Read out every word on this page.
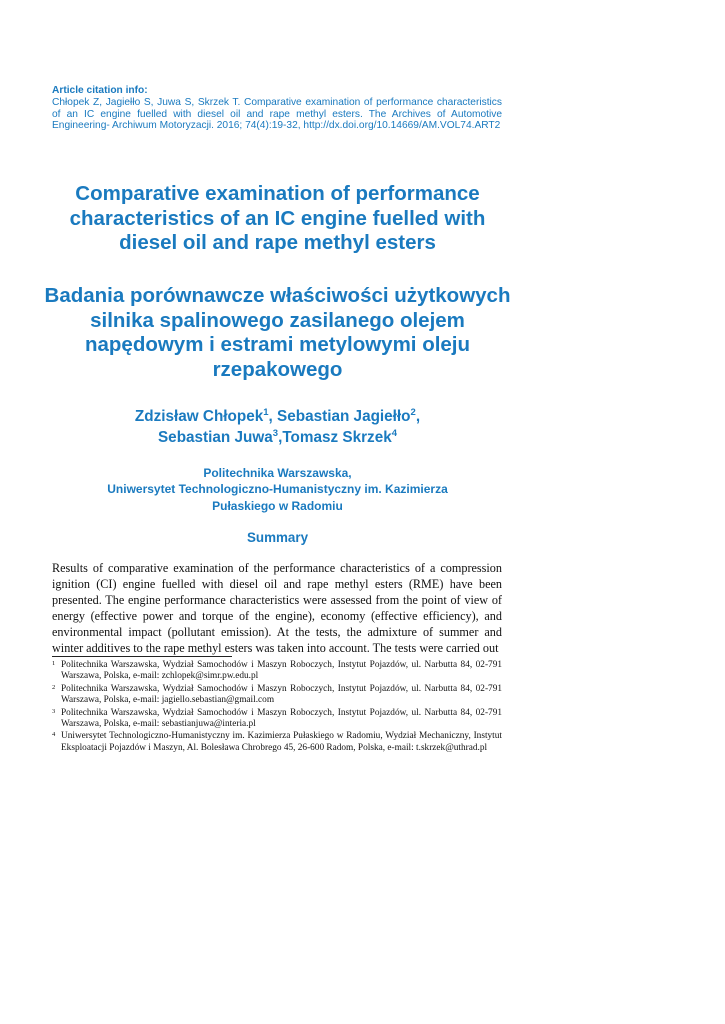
Article citation info:
Chłopek Z, Jagiełło S, Juwa S, Skrzek T. Comparative examination of performance characteristics of an IC engine fuelled with diesel oil and rape methyl esters. The Archives of Automotive Engineering- Archiwum Motoryzacji. 2016; 74(4):19-32, http://dx.doi.org/10.14669/AM.VOL74.ART2
Comparative examination of performance characteristics of an IC engine fuelled with diesel oil and rape methyl esters
Badania porównawcze właściwości użytkowych silnika spalinowego zasilanego olejem napędowym i estrami metylowymi oleju rzepakowego
Zdzisław Chłopek$^1$, Sebastian Jagiełło$^2$,
Sebastian Juwa$^3$,Tomasz Skrzek$^4$
Politechnika Warszawska,
Uniwersytet Technologiczno-Humanistyczny im. Kazimierza
Pułaskiego w Radomiu
Summary
Results of comparative examination of the performance characteristics of a compression ignition (CI) engine fuelled with diesel oil and rape methyl esters (RME) have been presented. The engine performance characteristics were assessed from the point of view of energy (effective power and torque of the engine), economy (effective efficiency), and environmental impact (pollutant emission). At the tests, the admixture of summer and winter additives to the rape methyl esters was taken into account. The tests were carried out
1 Politechnika Warszawska, Wydział Samochodów i Maszyn Roboczych, Instytut Pojazdów, ul. Narbutta 84, 02-791 Warszawa, Polska, e-mail: zchlopek@simr.pw.edu.pl
2 Politechnika Warszawska, Wydział Samochodów i Maszyn Roboczych, Instytut Pojazdów, ul. Narbutta 84, 02-791 Warszawa, Polska, e-mail: jagiello.sebastian@gmail.com
3 Politechnika Warszawska, Wydział Samochodów i Maszyn Roboczych, Instytut Pojazdów, ul. Narbutta 84, 02-791 Warszawa, Polska, e-mail: sebastianjuwa@interia.pl
4 Uniwersytet Technologiczno-Humanistyczny im. Kazimierza Pułaskiego w Radomiu, Wydział Mechaniczny, Instytut Eksploatacji Pojazdów i Maszyn, Al. Bolesława Chrobrego 45, 26-600 Radom, Polska, e-mail: t.skrzek@uthrad.pl
